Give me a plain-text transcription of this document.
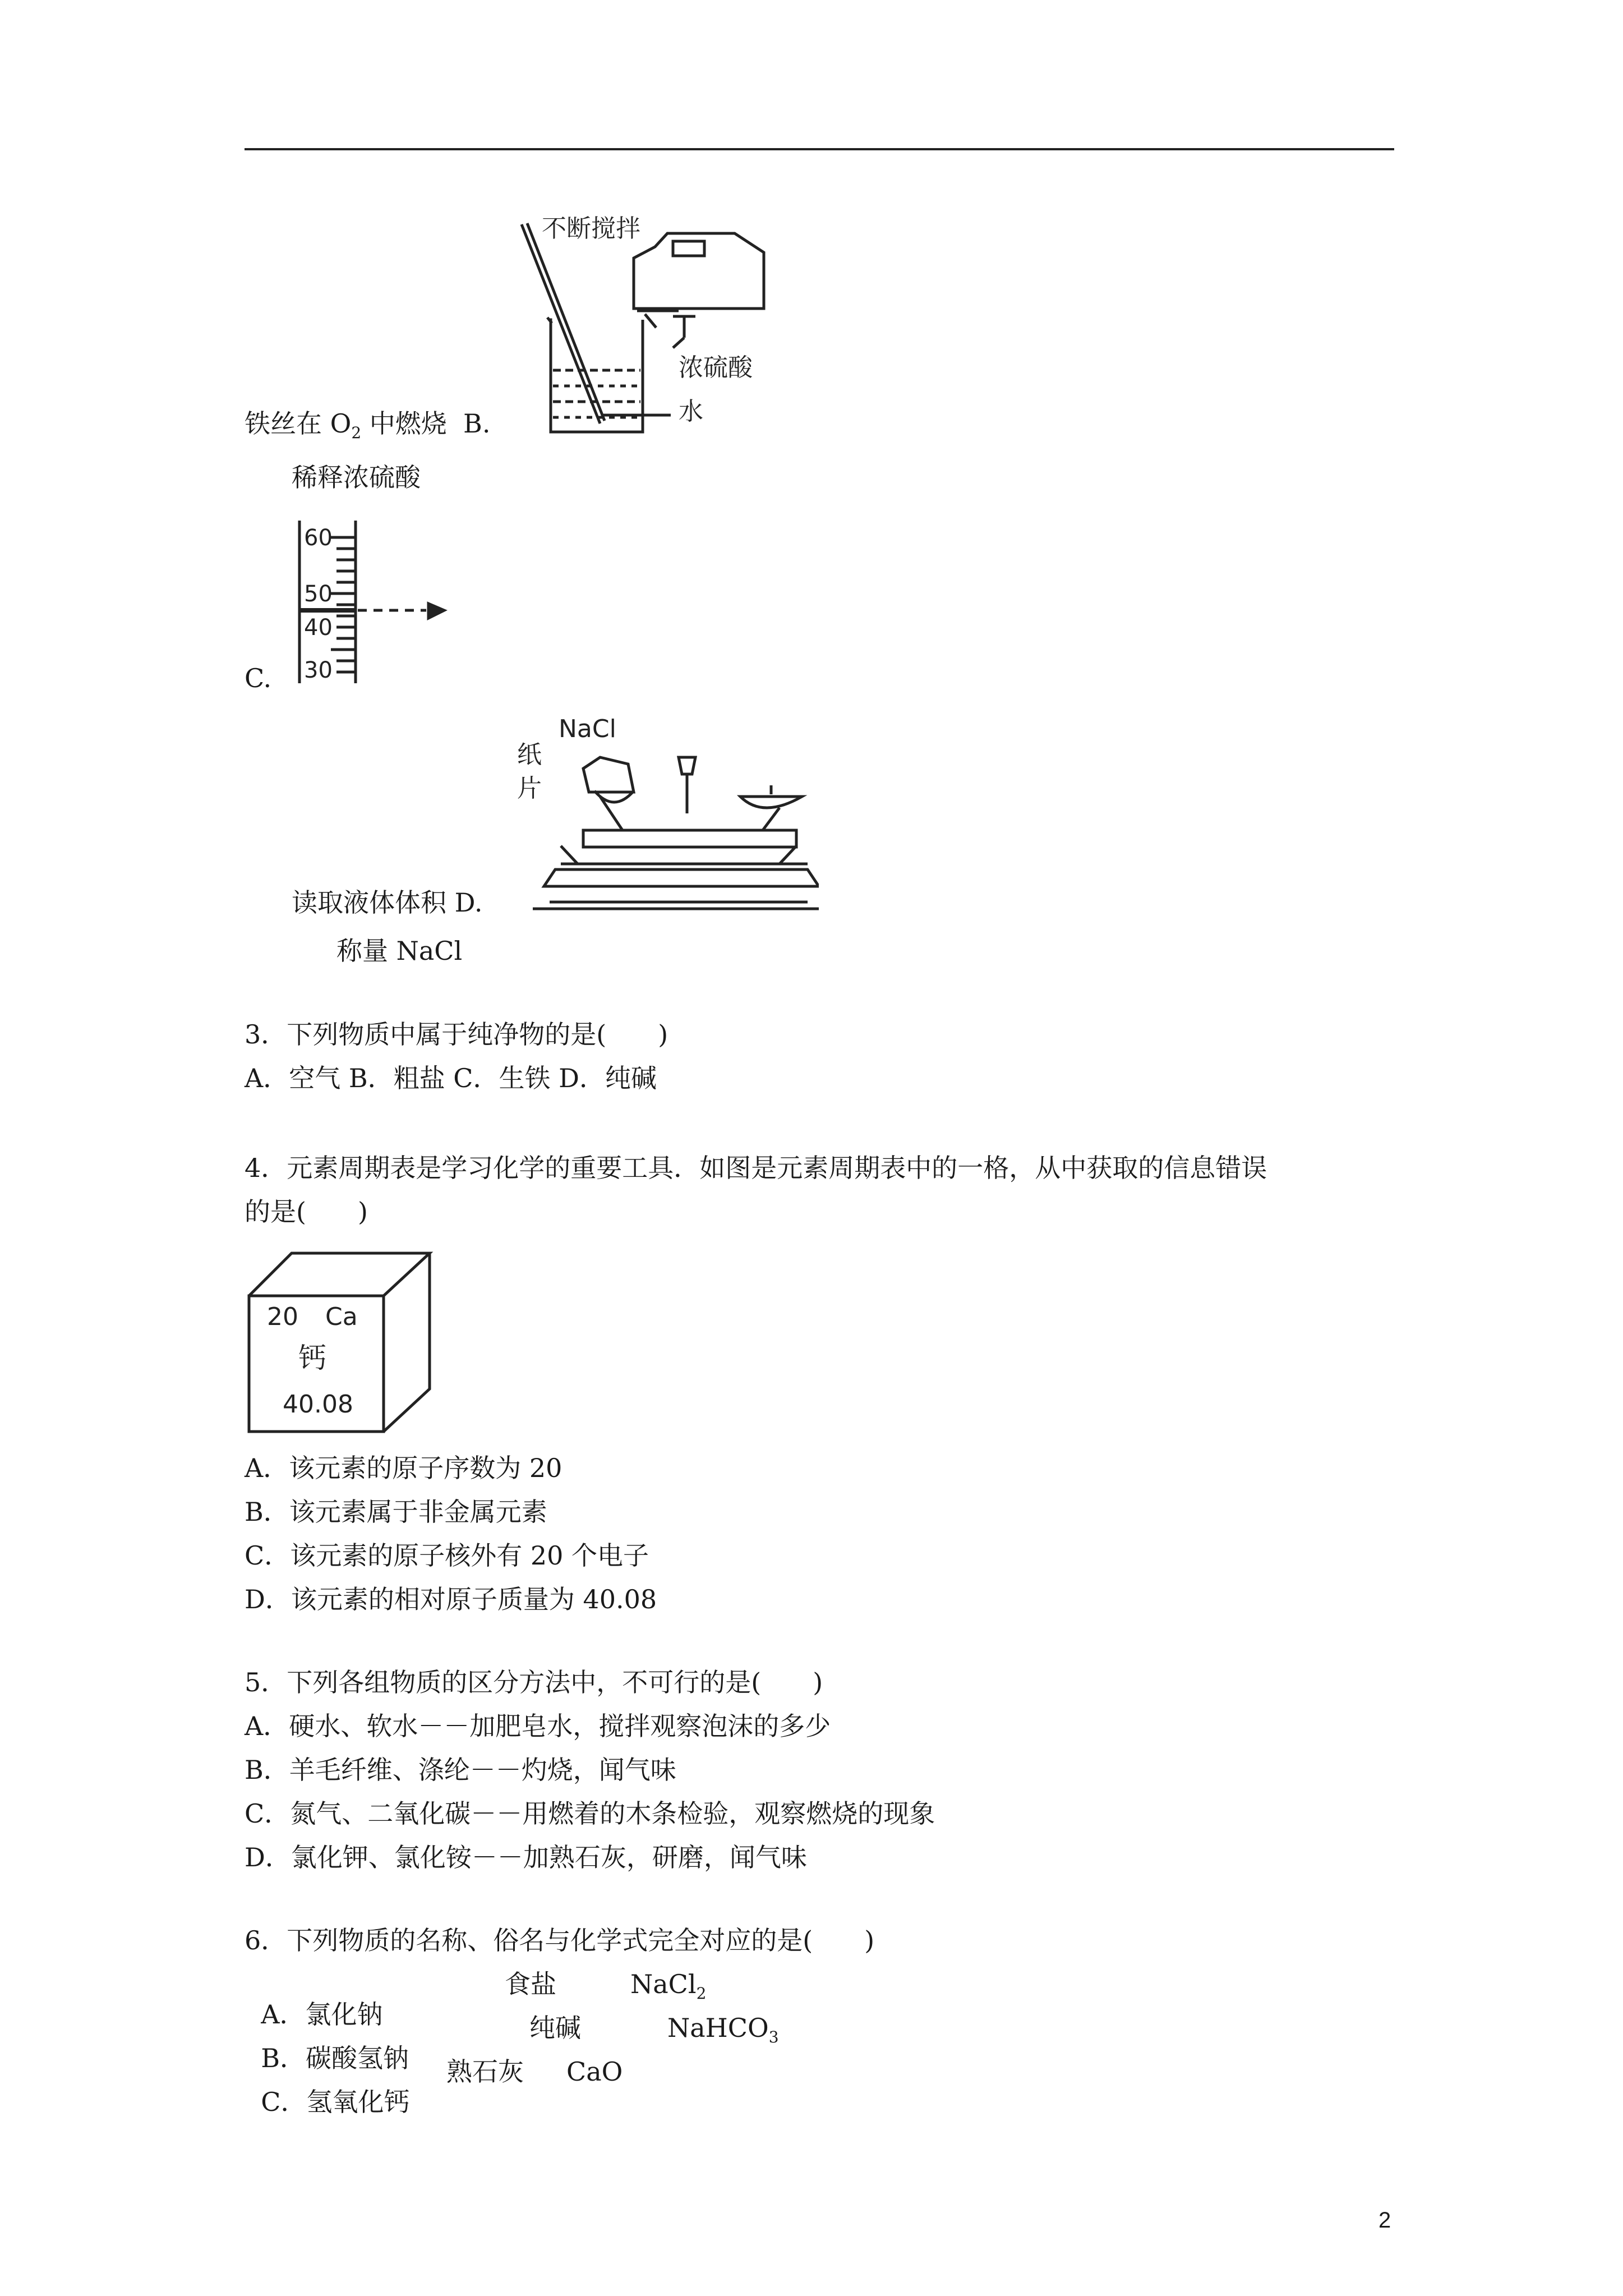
不断搅拌
浓硫酸
水
铁丝在 $O_2$ 中燃烧  B.
稀释浓硫酸
60
50
40
30
C.
NaCl
纸
片
读取液体体积 D.
称量 NaCl
3．下列物质中属于纯净物的是(　　)
A．空气 B．粗盐 C．生铁 D．纯碱
4．元素周期表是学习化学的重要工具．如图是元素周期表中的一格，从中获取的信息错误
的是(　　)
20 Ca
钙
40.08
A．该元素的原子序数为 20
B．该元素属于非金属元素
C．该元素的原子核外有 20 个电子
D．该元素的相对原子质量为 40.08
5．下列各组物质的区分方法中，不可行的是(　　)
A．硬水、软水－－加肥皂水，搅拌观察泡沫的多少
B．羊毛纤维、涤纶－－灼烧，闻气味
C．氮气、二氧化碳－－用燃着的木条检验，观察燃烧的现象
D．氯化钾、氯化铵－－加熟石灰，研磨，闻气味
6．下列物质的名称、俗名与化学式完全对应的是(　　)

A．氯化钠

食盐	NaCl$_2$

B．碳酸氢钠

纯碱	NaHCO$_3$

C．氢氧化钙

熟石灰 CaO
2
